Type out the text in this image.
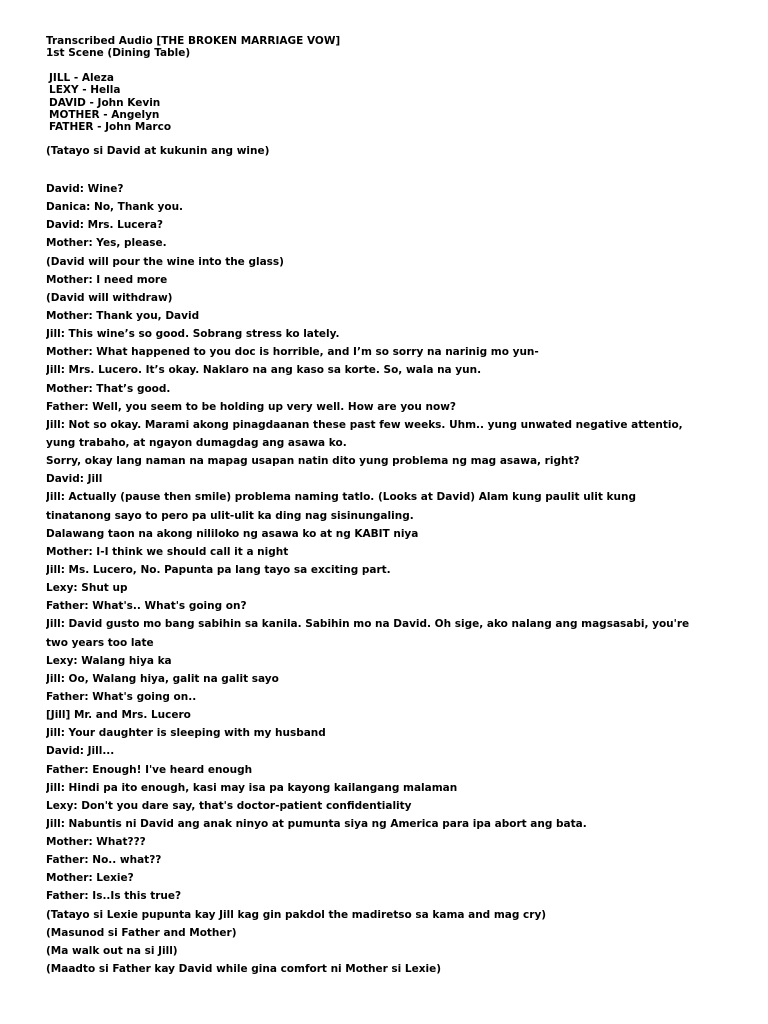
Transcribed Audio [THE BROKEN MARRIAGE VOW]
1st Scene (Dining Table)
JILL - Aleza
LEXY - Hella
DAVID - John Kevin
MOTHER - Angelyn
FATHER - John Marco
(Tatayo si David at kukunin ang wine)
David: Wine?
Danica: No, Thank you.
David: Mrs. Lucera?
Mother: Yes, please.
(David will pour the wine into the glass)
Mother: I need more
(David will withdraw)
Mother: Thank you, David
Jill: This wine’s so good. Sobrang stress ko lately.
Mother: What happened to you doc is horrible, and I’m so sorry na narinig mo yun-
Jill: Mrs. Lucero. It’s okay. Naklaro na ang kaso sa korte. So, wala na yun.
Mother: That’s good.
Father: Well, you seem to be holding up very well. How are you now?
Jill: Not so okay. Marami akong pinagdaanan these past few weeks. Uhm.. yung unwated negative attentio,
yung trabaho, at ngayon dumagdag ang asawa ko.
Sorry, okay lang naman na mapag usapan natin dito yung problema ng mag asawa, right?
David: Jill
Jill: Actually (pause then smile) problema naming tatlo. (Looks at David) Alam kung paulit ulit kung
tinatanong sayo to pero pa ulit-ulit ka ding nag sisinungaling.
Dalawang taon na akong nililoko ng asawa ko at ng KABIT niya
Mother: I-I think we should call it a night
Jill: Ms. Lucero, No. Papunta pa lang tayo sa exciting part.
Lexy: Shut up
Father: What's.. What's going on?
Jill: David gusto mo bang sabihin sa kanila. Sabihin mo na David. Oh sige, ako nalang ang magsasabi, you're
two years too late
Lexy: Walang hiya ka
Jill: Oo, Walang hiya, galit na galit sayo
Father: What's going on..
[Jill] Mr. and Mrs. Lucero
Jill: Your daughter is sleeping with my husband
David: Jill...
Father: Enough! I've heard enough
Jill: Hindi pa ito enough, kasi may isa pa kayong kailangang malaman
Lexy: Don't you dare say, that's doctor-patient confidentiality
Jill: Nabuntis ni David ang anak ninyo at pumunta siya ng America para ipa abort ang bata.
Mother: What???
Father: No.. what??
Mother: Lexie?
Father: Is..Is this true?
(Tatayo si Lexie pupunta kay Jill kag gin pakdol the madiretso sa kama and mag cry)
(Masunod si Father and Mother)
(Ma walk out na si Jill)
(Maadto si Father kay David while gina comfort ni Mother si Lexie)
